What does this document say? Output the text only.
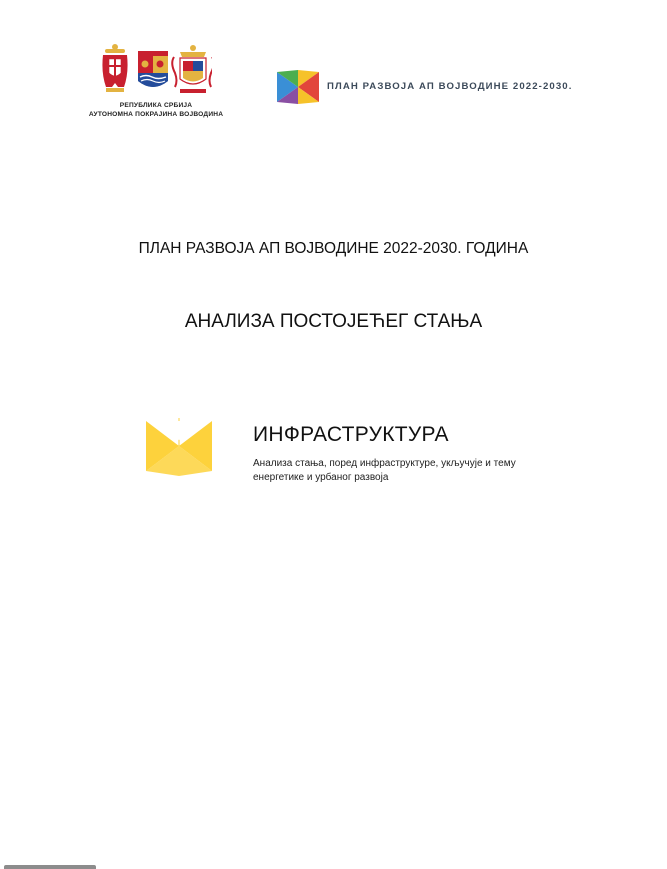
РЕПУБЛИКА СРБИЈА
АУТОНОМНА ПОКРАЈИНА ВОЈВОДИНА
ПЛАН РАЗВОЈА АП ВОЈВОДИНЕ 2022-2030.
ПЛАН РАЗВОЈА АП ВОЈВОДИНЕ 2022-2030. ГОДИНА
АНАЛИЗА ПОСТОЈЕЋЕГ СТАЊА
ИНФРАСТРУКТУРА
Анализа стања, поред инфраструктуре, укључује и тему енергетике и урбаног развоја
